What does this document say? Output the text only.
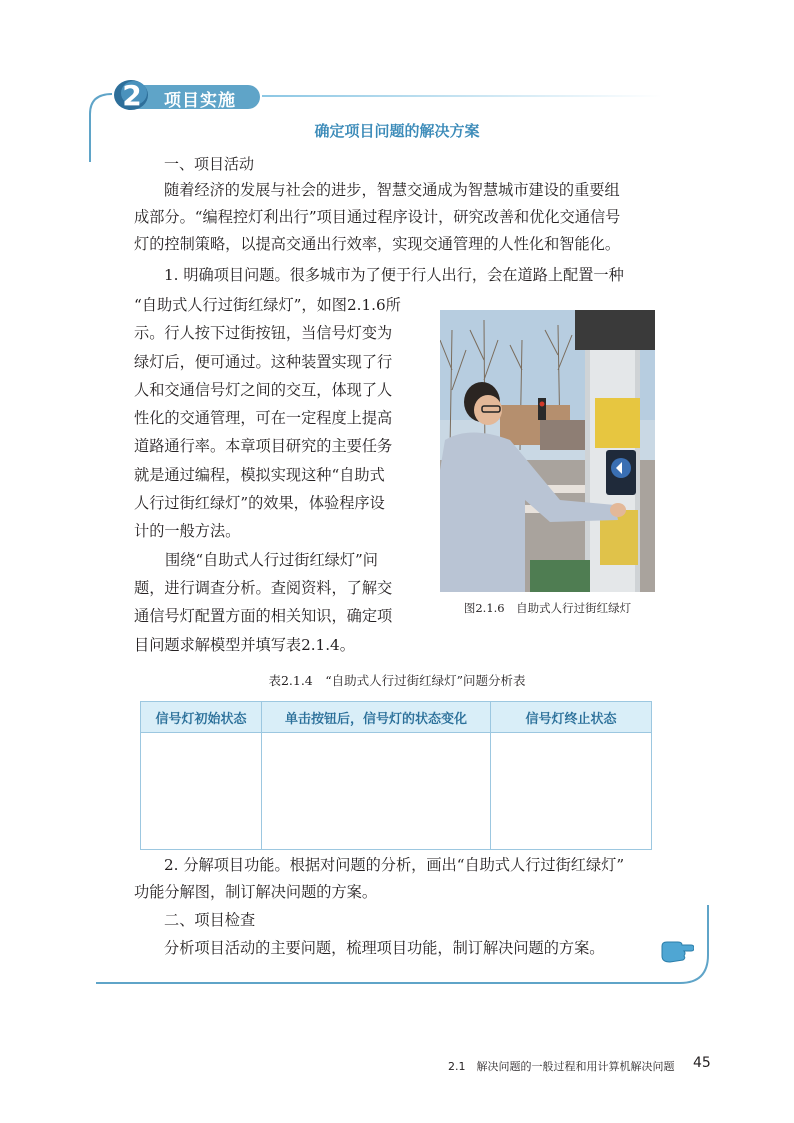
2 项目实施
确定项目问题的解决方案
一、项目活动
随着经济的发展与社会的进步，智慧交通成为智慧城市建设的重要组
成部分。“编程控灯利出行”项目通过程序设计，研究改善和优化交通信号
灯的控制策略，以提高交通出行效率，实现交通管理的人性化和智能化。
1. 明确项目问题。很多城市为了便于行人出行，会在道路上配置一种

“自助式人行过街红绿灯”，如图2.1.6所

示。行人按下过街按钮，当信号灯变为

绿灯后，便可通过。这种装置实现了行

人和交通信号灯之间的交互，体现了人

性化的交通管理，可在一定程度上提高

道路通行率。本章项目研究的主要任务

就是通过编程，模拟实现这种“自助式

人行过街红绿灯”的效果，体验程序设

计的一般方法。

围绕“自助式人行过街红绿灯”问

题，进行调查分析。查阅资料，了解交

通信号灯配置方面的相关知识，确定项

目问题求解模型并填写表2.1.4。

图2.1.6　自助式人行过街红绿灯
表2.1.4　“自助式人行过街红绿灯”问题分析表
信号灯初始状态	单击按钮后，信号灯的状态变化	信号灯终止状态

2. 分解项目功能。根据对问题的分析，画出“自助式人行过街红绿灯”
功能分解图，制订解决问题的方案。
二、项目检查
分析项目活动的主要问题，梳理项目功能，制订解决问题的方案。
2.1　解决问题的一般过程和用计算机解决问题 45
